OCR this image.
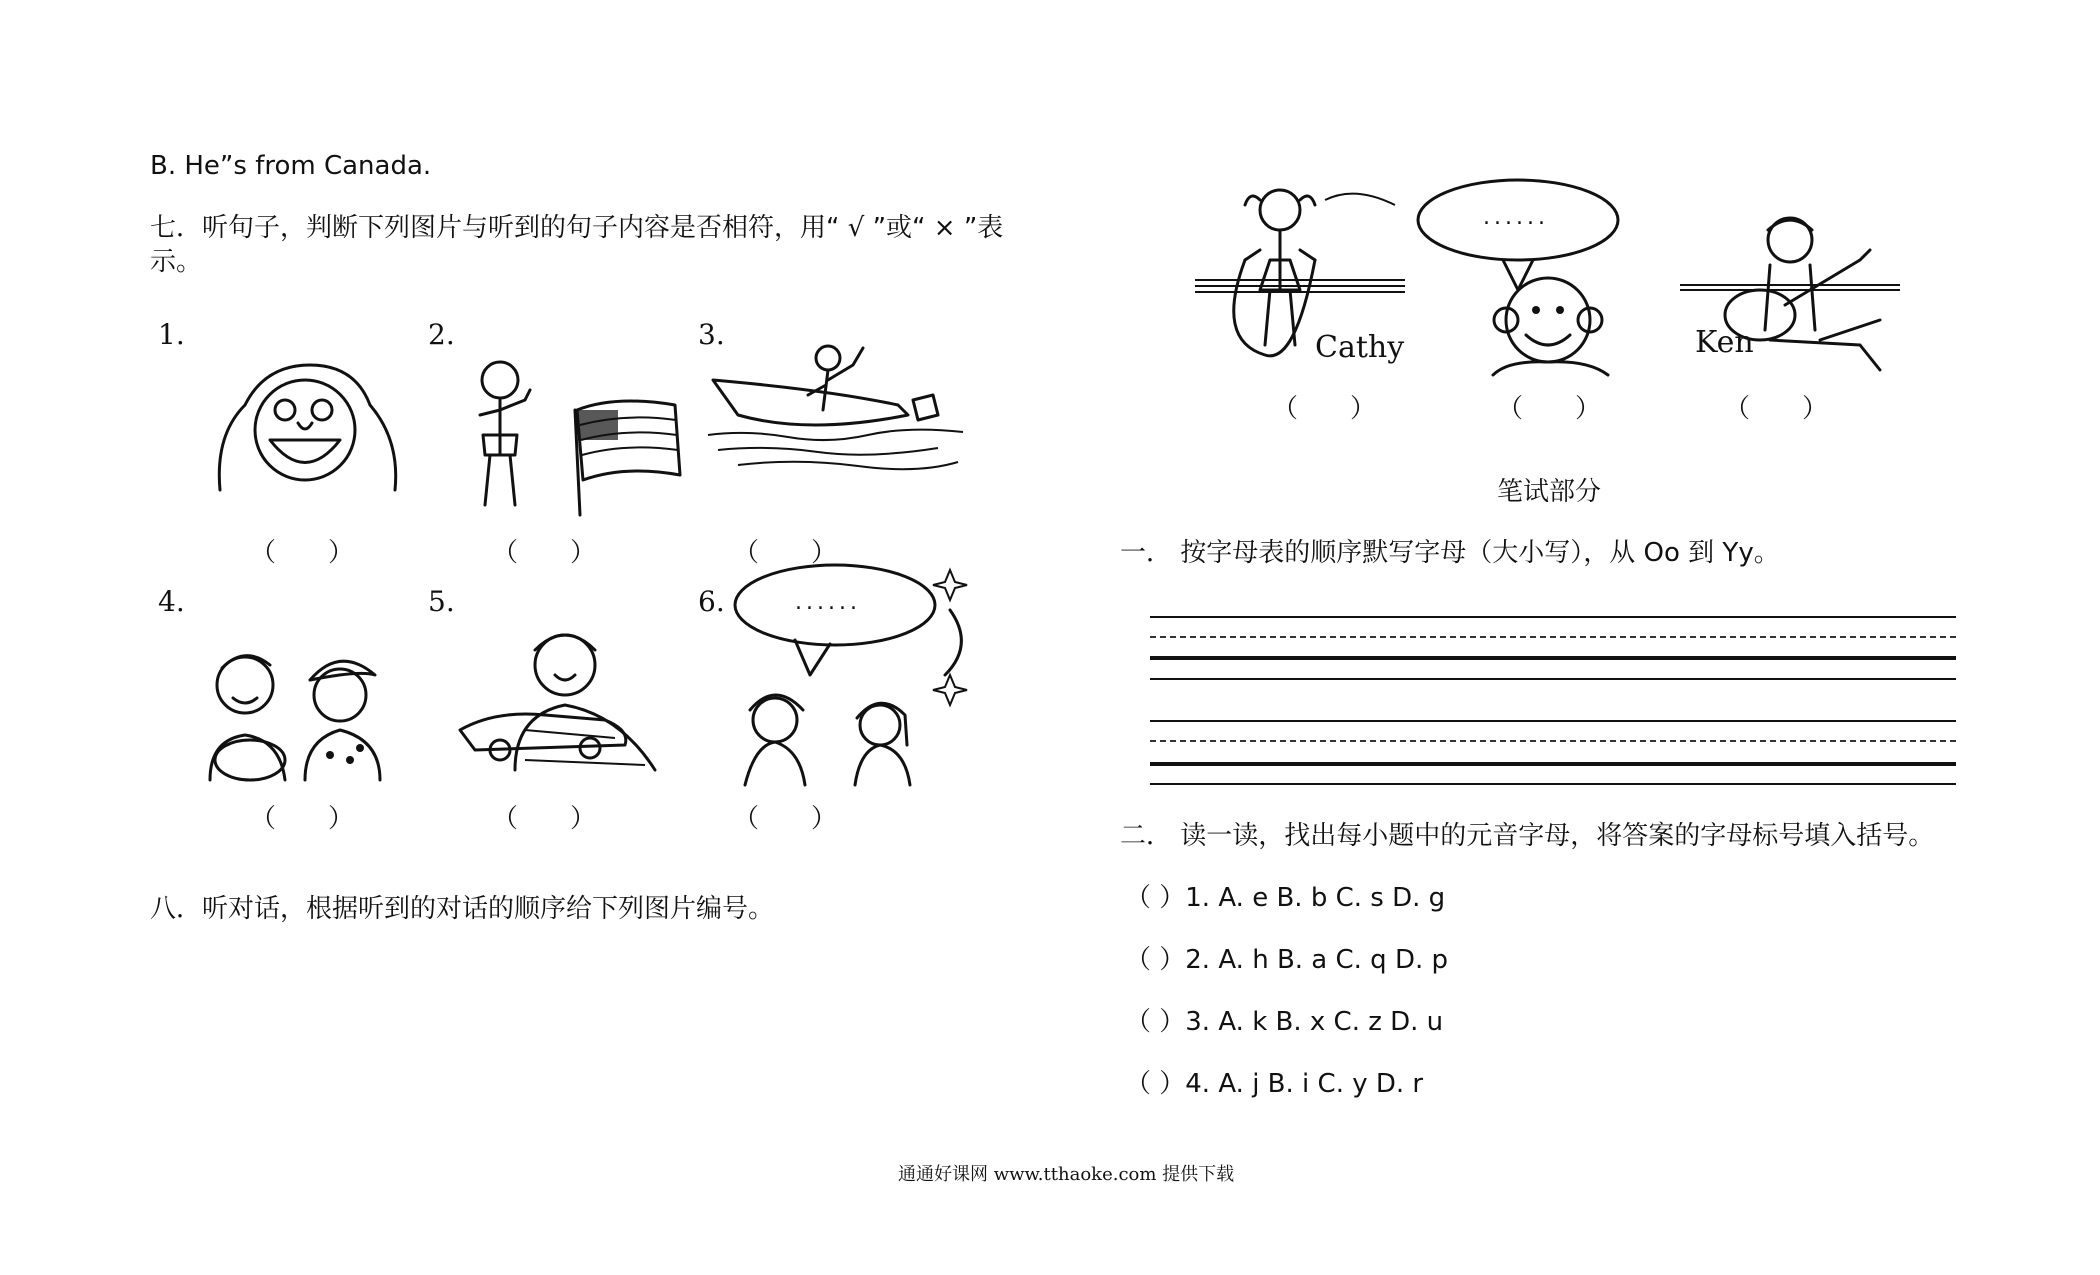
B. He”s from Canada.
七．听句子，判断下列图片与听到的句子内容是否相符，用“ √ ”或“ × ”表
示。
1.	2.	3.
4.	5.	6.	......
（　　）	（　　）	（　　）
（　　）	（　　）	（　　）
八．听对话，根据听到的对话的顺序给下列图片编号。
Cathy
......
Ken
（　　）	（　　）	（　　）
笔试部分
一． 按字母表的顺序默写字母（大小写），从 Oo 到 Yy。
二． 读一读，找出每小题中的元音字母，将答案的字母标号填入括号。
（ ）1. A. e B. b C. s D. g
（ ）2. A. h B. a C. q D. p
（ ）3. A. k B. x C. z D. u
（ ）4. A. j B. i C. y D. r
通通好课网 www.tthaoke.com 提供下载
